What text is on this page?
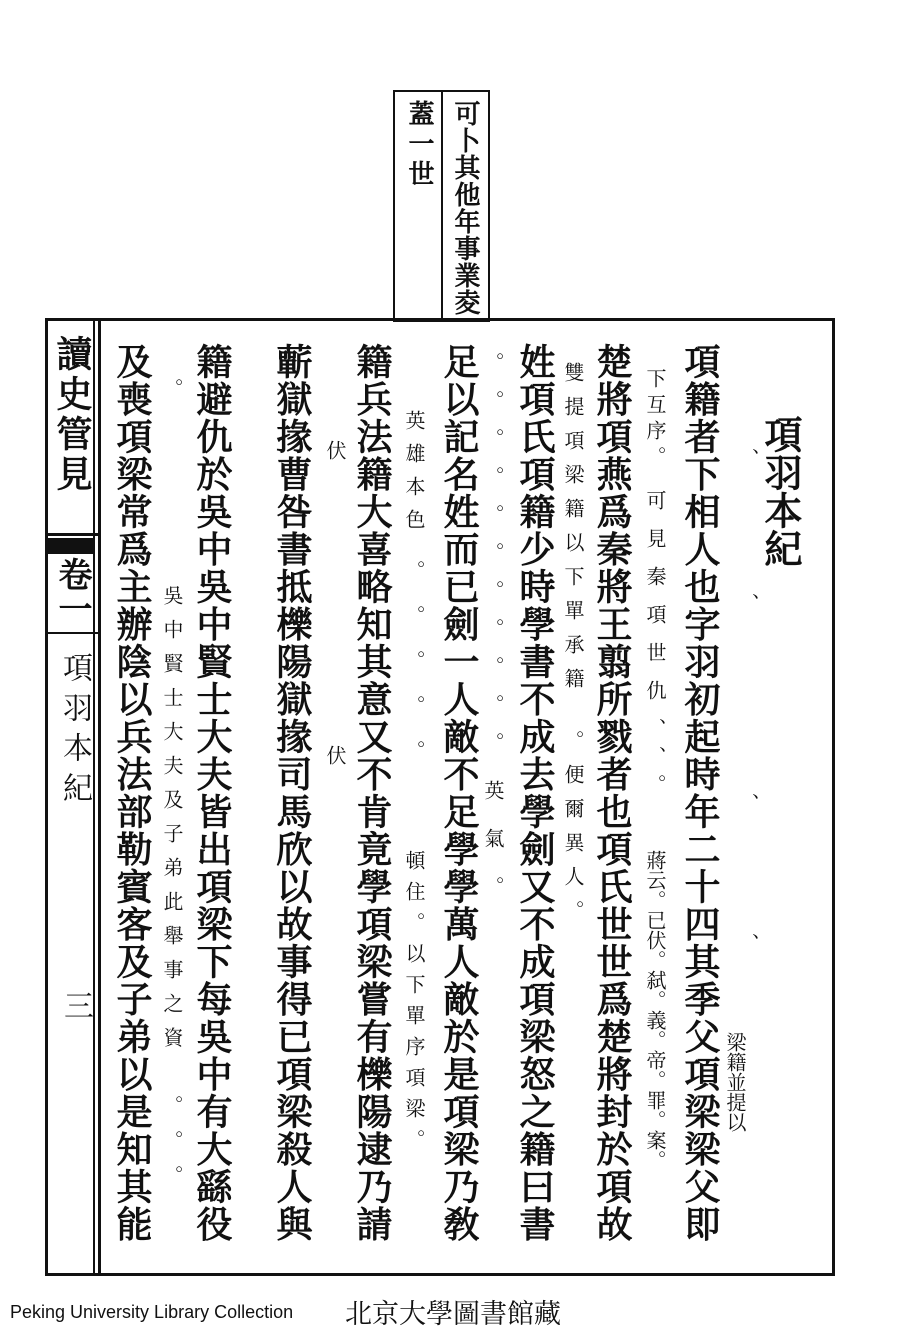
可卜其他年事業夌
蓋一世
讀史管見
卷一
項羽本紀
三
項羽本紀
項籍者下相人也字羽初起時年二十四其季父項梁梁父即
楚將項燕爲秦將王翦所戮者也項氏世世爲楚將封於項故
姓項氏項籍少時學書不成去學劍又不成項梁怒之籍曰書
足以記名姓而已劍一人敵不足學學萬人敵於是項梁乃敎
籍兵法籍大喜略知其意又不肯竟學項梁嘗有櫟陽逮乃請
蘄獄掾曹咎書抵櫟陽獄掾司馬欣以故事得已項梁殺人與
籍避仇於吳中吳中賢士大夫皆出項梁下每吳中有大繇役
及喪項梁常爲主辦陰以兵法部勒賓客及子弟以是知其能	梁籍並提以
、
、
、
、
下互序。
可見秦項世仇、、。
蔣云。已伏。弑。義。帝。罪。案。
雙提項梁籍以下單承籍
。便爾異人。
。。。。。。。。。。。英氣。
英雄本色
。。。。。
頓住。以下單序項梁。
伏
伏
。
吳中賢士大夫及子弟此舉事之資
。。。
Peking University Library Collection 北京大學圖書館藏
